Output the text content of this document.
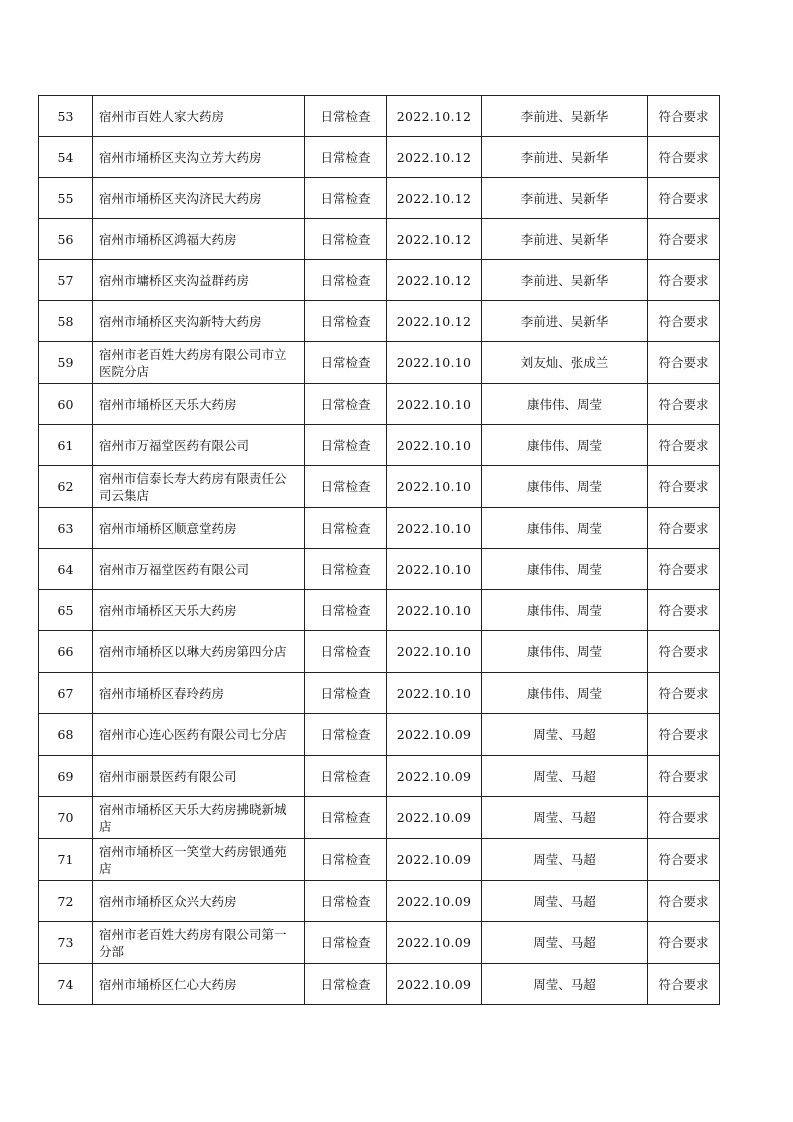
53	宿州市百姓人家大药房	日常检查	2022.10.12	李前进、吴新华	符合要求
54	宿州市埇桥区夹沟立芳大药房	日常检查	2022.10.12	李前进、吴新华	符合要求
55	宿州市埇桥区夹沟济民大药房	日常检查	2022.10.12	李前进、吴新华	符合要求
56	宿州市埇桥区鸿福大药房	日常检查	2022.10.12	李前进、吴新华	符合要求
57	宿州市墉桥区夹沟益群药房	日常检查	2022.10.12	李前进、吴新华	符合要求
58	宿州市埇桥区夹沟新特大药房	日常检查	2022.10.12	李前进、吴新华	符合要求
59	宿州市老百姓大药房有限公司市立医院分店	日常检查	2022.10.10	刘友灿、张成兰	符合要求
60	宿州市埇桥区天乐大药房	日常检查	2022.10.10	康伟伟、周莹	符合要求
61	宿州市万福堂医药有限公司	日常检查	2022.10.10	康伟伟、周莹	符合要求
62	宿州市信泰长寿大药房有限责任公司云集店	日常检查	2022.10.10	康伟伟、周莹	符合要求
63	宿州市埇桥区顺意堂药房	日常检查	2022.10.10	康伟伟、周莹	符合要求
64	宿州市万福堂医药有限公司	日常检查	2022.10.10	康伟伟、周莹	符合要求
65	宿州市埇桥区天乐大药房	日常检查	2022.10.10	康伟伟、周莹	符合要求
66	宿州市埇桥区以琳大药房第四分店	日常检查	2022.10.10	康伟伟、周莹	符合要求
67	宿州市埇桥区春玲药房	日常检查	2022.10.10	康伟伟、周莹	符合要求
68	宿州市心连心医药有限公司七分店	日常检查	2022.10.09	周莹、马超	符合要求
69	宿州市丽景医药有限公司	日常检查	2022.10.09	周莹、马超	符合要求
70	宿州市埇桥区天乐大药房拂晓新城店	日常检查	2022.10.09	周莹、马超	符合要求
71	宿州市埇桥区一笑堂大药房银通苑店	日常检查	2022.10.09	周莹、马超	符合要求
72	宿州市埇桥区众兴大药房	日常检查	2022.10.09	周莹、马超	符合要求
73	宿州市老百姓大药房有限公司第一分部	日常检查	2022.10.09	周莹、马超	符合要求
74	宿州市埇桥区仁心大药房	日常检查	2022.10.09	周莹、马超	符合要求
